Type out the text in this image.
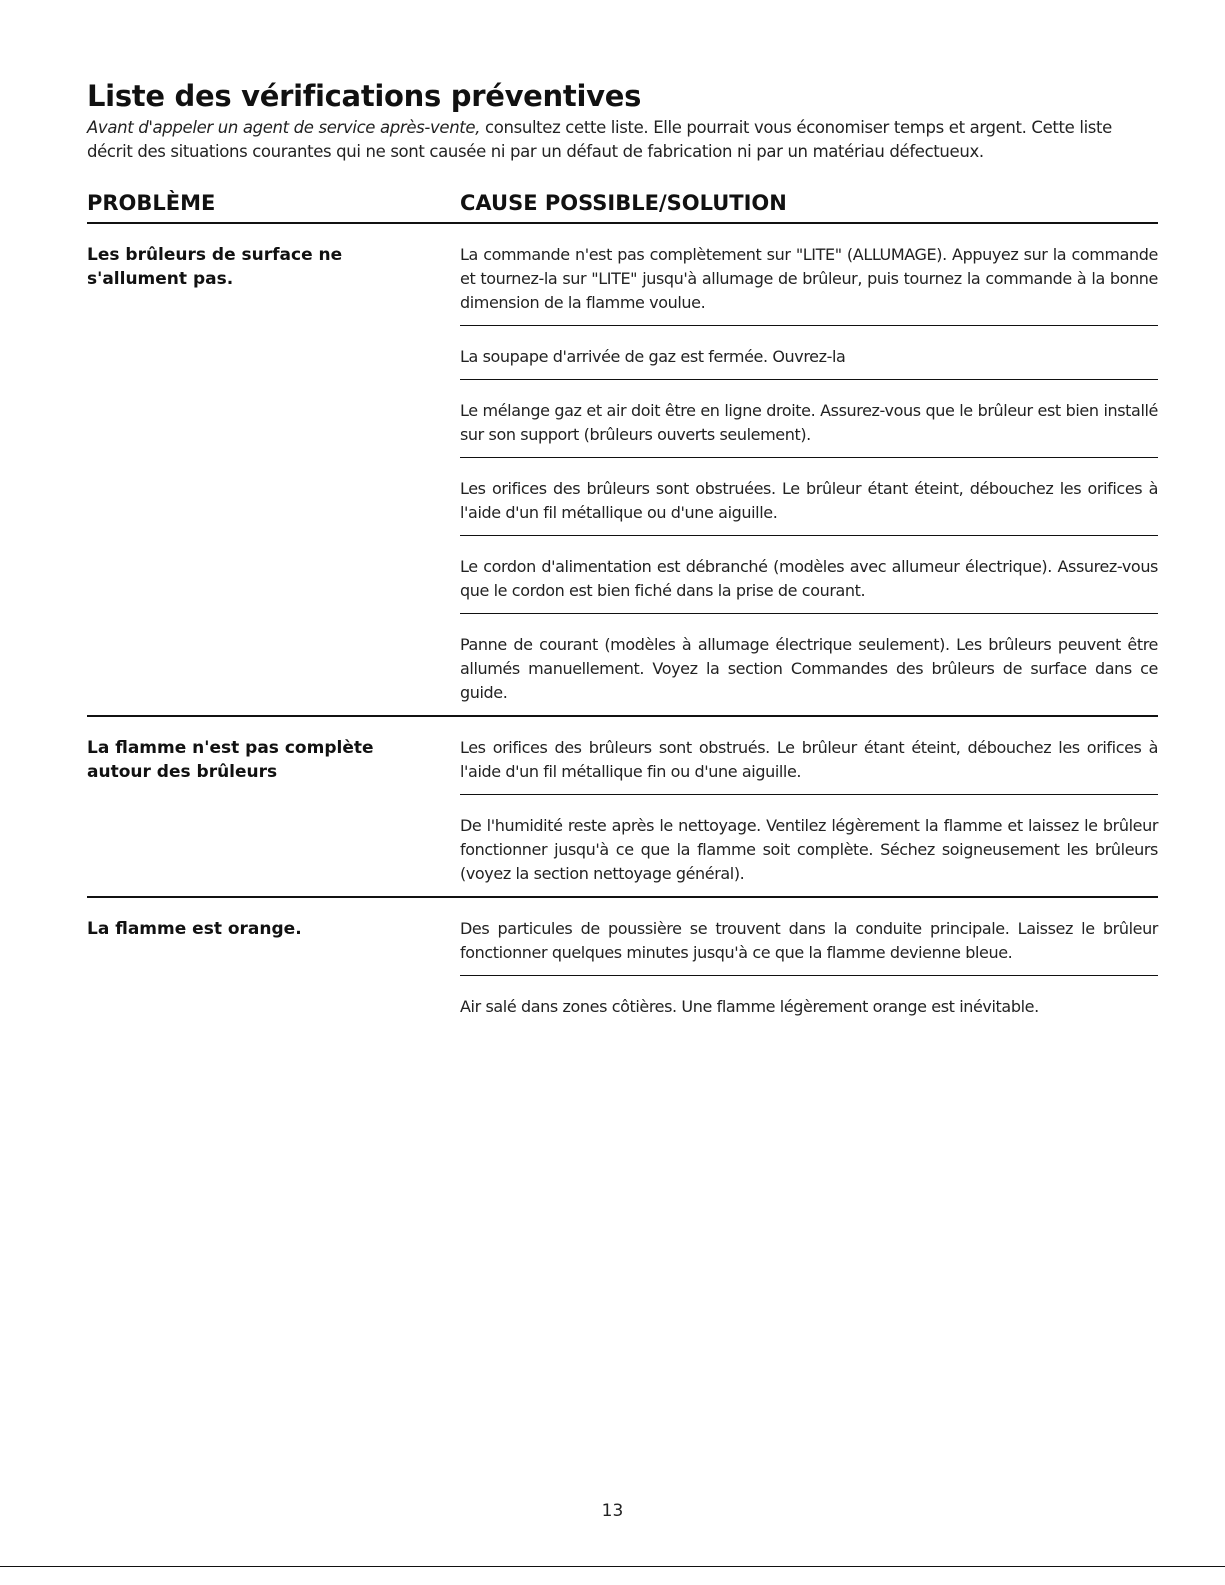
Liste des vérifications préventives

Avant d'appeler un agent de service après-vente, consultez cette liste. Elle pourrait vous économiser temps et argent. Cette liste décrit des situations courantes qui ne sont causée ni par un défaut de fabrication ni par un matériau défectueux.

PROBLÈME	CAUSE POSSIBLE/SOLUTION
Les brûleurs de surface ne s'allument pas.
La commande n'est pas complètement sur "LITE" (ALLUMAGE). Appuyez sur la commande et tournez-la sur "LITE" jusqu'à allumage de brûleur, puis tournez la commande à la bonne dimension de la flamme voulue.
La soupape d'arrivée de gaz est fermée. Ouvrez-la
Le mélange gaz et air doit être en ligne droite. Assurez-vous que le brûleur est bien installé sur son support (brûleurs ouverts seulement).
Les orifices des brûleurs sont obstruées. Le brûleur étant éteint, débouchez les orifices à l'aide d'un fil métallique ou d'une aiguille.
Le cordon d'alimentation est débranché (modèles avec allumeur électrique). Assurez-vous que le cordon est bien fiché dans la prise de courant.
Panne de courant (modèles à allumage électrique seulement). Les brûleurs peuvent être allumés manuellement. Voyez la section Commandes des brûleurs de surface dans ce guide.
La flamme n'est pas complète autour des brûleurs
Les orifices des brûleurs sont obstrués. Le brûleur étant éteint, débouchez les orifices à l'aide d'un fil métallique fin ou d'une aiguille.
De l'humidité reste après le nettoyage. Ventilez légèrement la flamme et laissez le brûleur fonctionner jusqu'à ce que la flamme soit complète. Séchez soigneusement les brûleurs (voyez la section nettoyage général).
La flamme est orange.	Des particules de poussière se trouvent dans la conduite principale. Laissez le brûleur fonctionner quelques minutes jusqu'à ce que la flamme devienne bleue.
Air salé dans zones côtières. Une flamme légèrement orange est inévitable.
13
